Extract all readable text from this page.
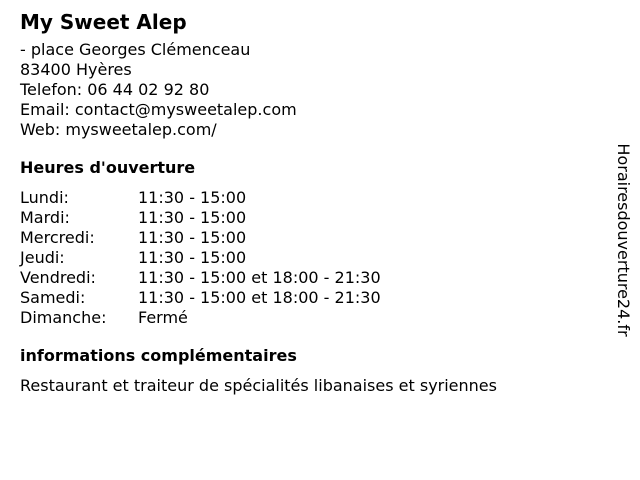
My Sweet Alep
- place Georges Clémenceau
83400 Hyères
Telefon: 06 44 02 92 80
Email: contact@mysweetalep.com
Web: mysweetalep.com/
Heures d'ouverture
Lundi:	11:30 - 15:00
Mardi:	11:30 - 15:00
Mercredi:	11:30 - 15:00
Jeudi:	11:30 - 15:00
Vendredi:	11:30 - 15:00 et 18:00 - 21:30
Samedi:	11:30 - 15:00 et 18:00 - 21:30
Dimanche:	Fermé
informations complémentaires
Restaurant et traiteur de spécialités libanaises et syriennes
Horairesdouverture24.fr
